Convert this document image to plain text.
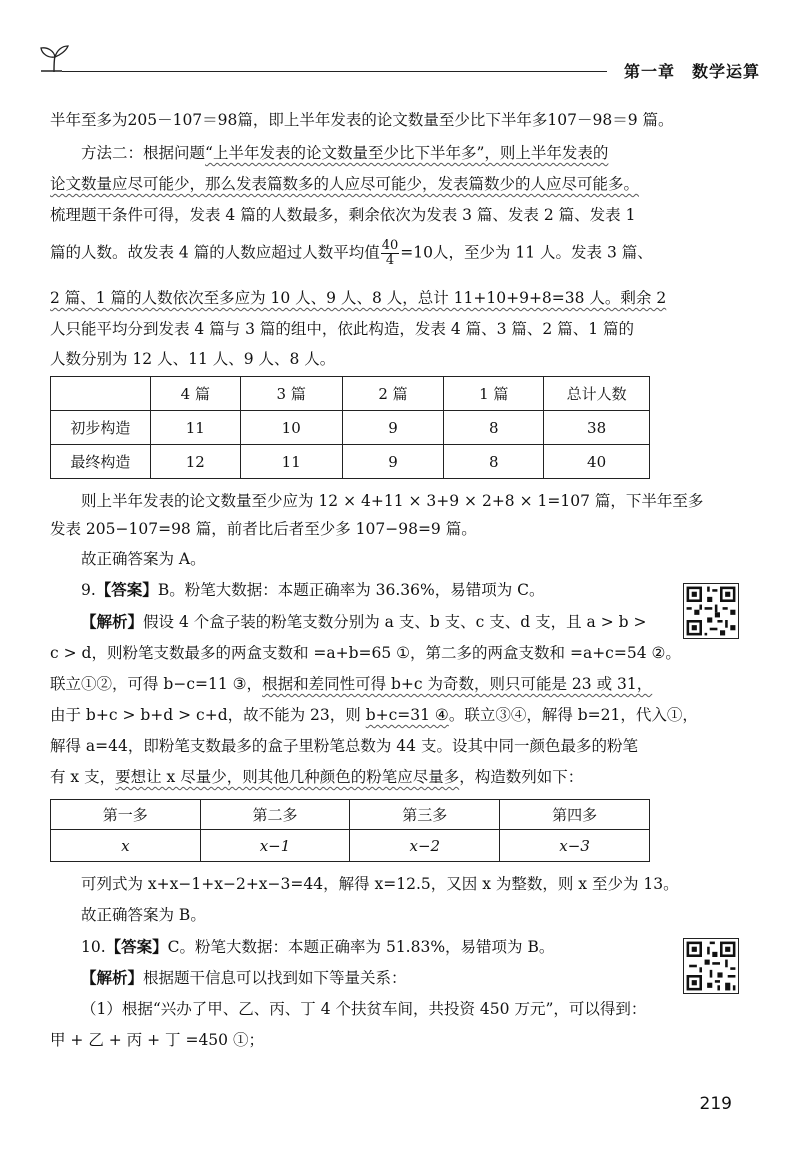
第一章　数学运算
半年至多为205－107＝98篇，即上半年发表的论文数量至少比下半年多107－98＝9 篇。
方法二：根据问题“上半年发表的论文数量至少比下半年多”，则上半年发表的
论文数量应尽可能少，那么发表篇数多的人应尽可能少，发表篇数少的人应尽可能多。
梳理题干条件可得，发表 4 篇的人数最多，剩余依次为发表 3 篇、发表 2 篇、发表 1
篇的人数。故发表 4 篇的人数应超过人数平均值 $\frac{40}{4} =10$人，至少为 11 人。发表 3 篇、
2 篇、1 篇的人数依次至多应为 10 人、9 人、8 人，总计 11+10+9+8=38 人。剩余 2
人只能平均分到发表 4 篇与 3 篇的组中，依此构造，发表 4 篇、3 篇、2 篇、1 篇的
人数分别为 12 人、11 人、9 人、8 人。
	4 篇	3 篇	2 篇	1 篇	总计人数
初步构造	11	10	9	8	38
最终构造	12	11	9	8	40
则上半年发表的论文数量至少应为 12 × 4+11 × 3+9 × 2+8 × 1=107 篇，下半年至多
发表 205−107=98 篇，前者比后者至少多 107−98=9 篇。
故正确答案为 A。
9.【答案】B。粉笔大数据：本题正确率为 36.36%，易错项为 C。
【解析】假设 4 个盒子装的粉笔支数分别为 a 支、b 支、c 支、d 支，且 a > b >
c > d，则粉笔支数最多的两盒支数和 =a+b=65 ①，第二多的两盒支数和 =a+c=54 ②。
联立①②，可得 b−c=11 ③，根据和差同性可得 b+c 为奇数，则只可能是 23 或 31，
由于 b+c > b+d > c+d，故不能为 23，则 b+c=31 ④。联立③④，解得 b=21，代入①，
解得 a=44，即粉笔支数最多的盒子里粉笔总数为 44 支。设其中同一颜色最多的粉笔
有 x 支，要想让 x 尽量少，则其他几种颜色的粉笔应尽量多，构造数列如下：
第一多	第二多	第三多	第四多
x	x−1	x−2	x−3
可列式为 x+x−1+x−2+x−3=44，解得 x=12.5，又因 x 为整数，则 x 至少为 13。
故正确答案为 B。
10.【答案】C。粉笔大数据：本题正确率为 51.83%，易错项为 B。
【解析】根据题干信息可以找到如下等量关系：
（1）根据“兴办了甲、乙、丙、丁 4 个扶贫车间，共投资 450 万元”，可以得到：
甲 + 乙 + 丙 + 丁 =450 ①；
219
